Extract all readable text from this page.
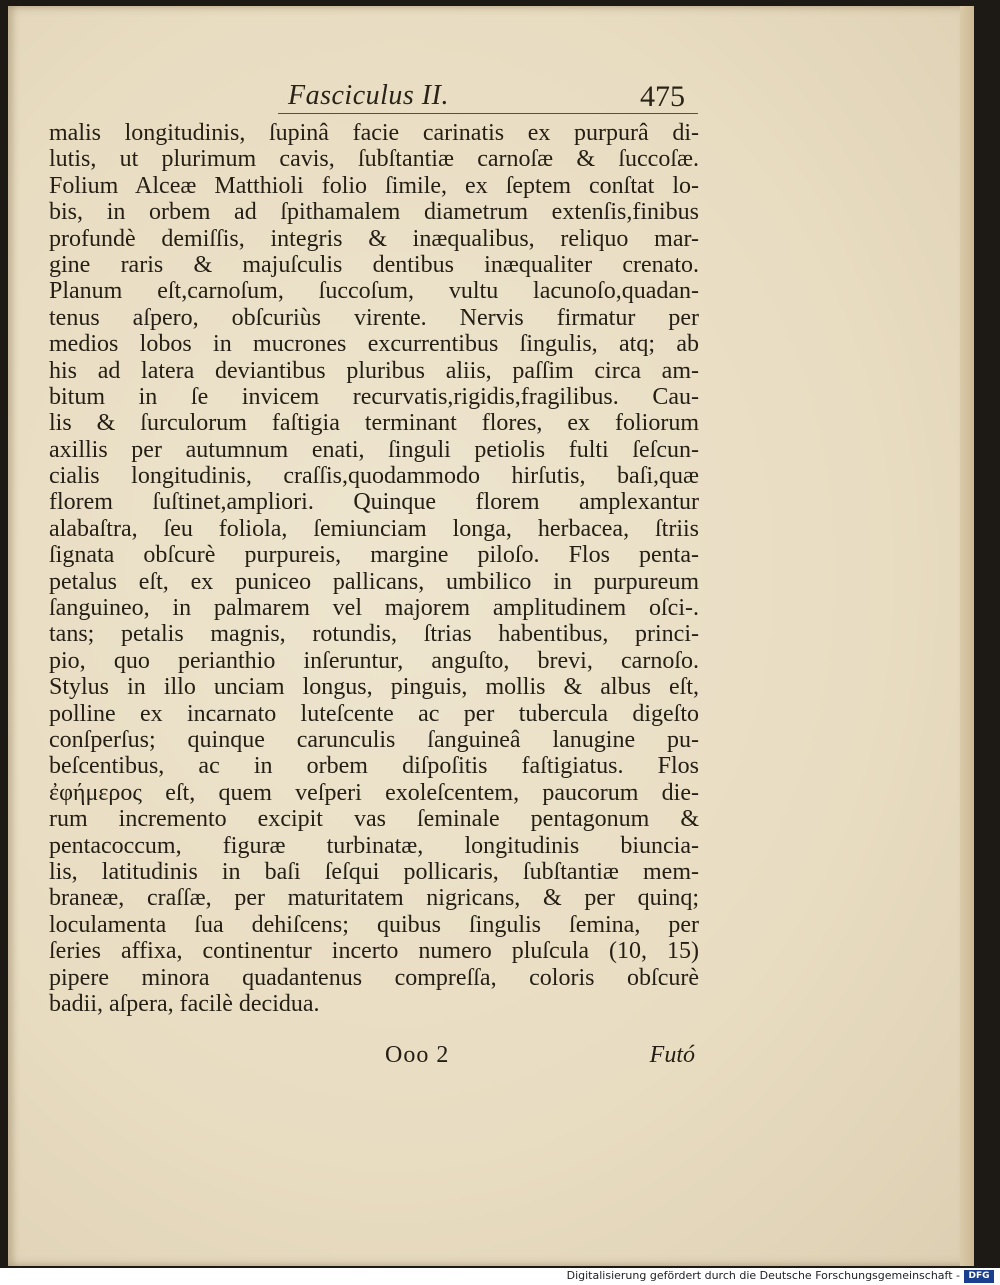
Fasciculus II.	475
malis longitudinis, ſupinâ facie carinatis ex purpurâ di-
lutis, ut plurimum cavis, ſubſtantiæ carnoſæ & ſuccoſæ.
Folium Alceæ Matthioli folio ſimile, ex ſeptem conſtat lo-
bis, in orbem ad ſpithamalem diametrum extenſis,finibus
profundè demiſſis, integris & inæqualibus, reliquo mar-
gine raris & majuſculis dentibus inæqualiter crenato.
Planum eſt,carnoſum, ſuccoſum, vultu lacunoſo,quadan-
tenus aſpero, obſcuriùs virente. Nervis firmatur per
medios lobos in mucrones excurrentibus ſingulis, atq; ab
his ad latera deviantibus pluribus aliis, paſſim circa am-
bitum in ſe invicem recurvatis,rigidis,fragilibus. Cau-
lis & ſurculorum faſtigia terminant flores, ex foliorum
axillis per autumnum enati, ſinguli petiolis fulti ſeſcun-
cialis longitudinis, craſſis,quodammodo hirſutis, baſi,quæ
florem ſuſtinet,ampliori. Quinque florem amplexantur
alabaſtra, ſeu foliola, ſemiunciam longa, herbacea, ſtriis
ſignata obſcurè purpureis, margine piloſo. Flos penta-
petalus eſt, ex puniceo pallicans, umbilico in purpureum
ſanguineo, in palmarem vel majorem amplitudinem oſci-.
tans; petalis magnis, rotundis, ſtrias habentibus, princi-
pio, quo perianthio inſeruntur, anguſto, brevi, carnoſo.
Stylus in illo unciam longus, pinguis, mollis & albus eſt,
polline ex incarnato luteſcente ac per tubercula digeſto
conſperſus; quinque carunculis ſanguineâ lanugine pu-
beſcentibus, ac in orbem diſpoſitis faſtigiatus. Flos
ἐφήμερος eſt, quem veſperi exoleſcentem, paucorum die-
rum incremento excipit vas ſeminale pentagonum &
pentacoccum, figuræ turbinatæ, longitudinis biuncia-
lis, latitudinis in baſi ſeſqui pollicaris, ſubſtantiæ mem-
braneæ, craſſæ, per maturitatem nigricans, & per quinq;
loculamenta ſua dehiſcens; quibus ſingulis ſemina, per
ſeries affixa, continentur incerto numero pluſcula (10, 15)
pipere minora quadantenus compreſſa, coloris obſcurè
badii, aſpera, facilè decidua.
Ooo 2	Futó
Digitalisierung gefördert durch die Deutsche Forschungsgemeinschaft - DFG
